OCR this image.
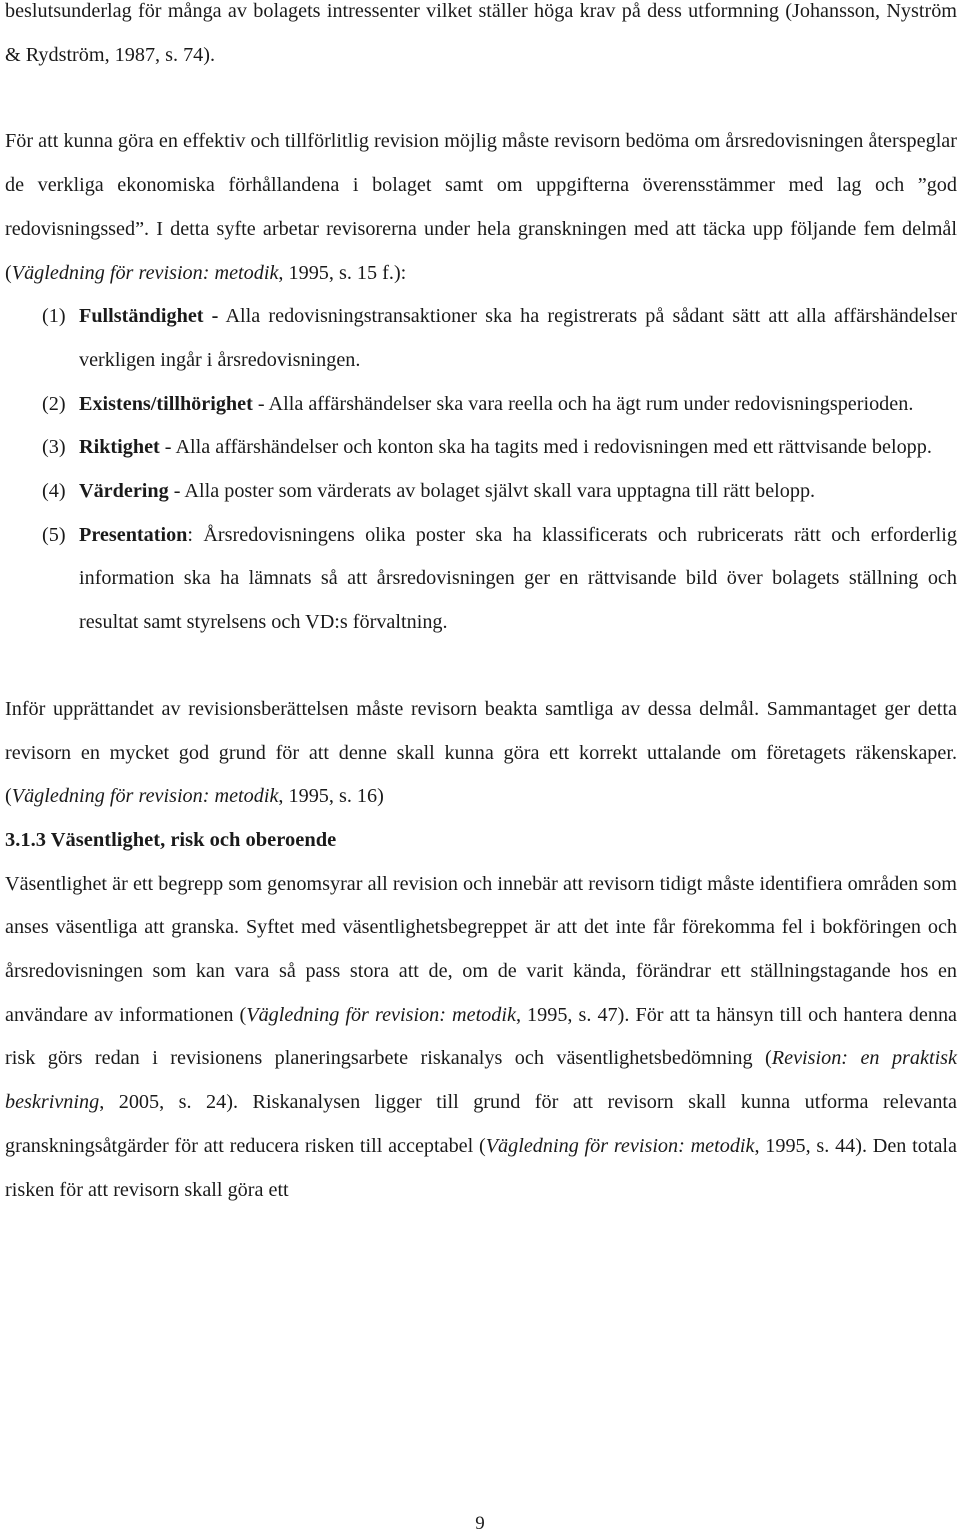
beslutsunderlag för många av bolagets intressenter vilket ställer höga krav på dess utformning (Johansson, Nyström & Rydström, 1987, s. 74).

För att kunna göra en effektiv och tillförlitlig revision möjlig måste revisorn bedöma om årsredovisningen återspeglar de verkliga ekonomiska förhållandena i bolaget samt om uppgifterna överensstämmer med lag och ”god redovisningssed”. I detta syfte arbetar revisorerna under hela granskningen med att täcka upp följande fem delmål (Vägledning för revision: metodik, 1995, s. 15 f.):

(1) Fullständighet - Alla redovisningstransaktioner ska ha registrerats på sådant sätt att alla affärshändelser verkligen ingår i årsredovisningen.
(2) Existens/tillhörighet - Alla affärshändelser ska vara reella och ha ägt rum under redovisningsperioden.
(3) Riktighet - Alla affärshändelser och konton ska ha tagits med i redovisningen med ett rättvisande belopp.
(4) Värdering - Alla poster som värderats av bolaget självt skall vara upptagna till rätt belopp.
(5) Presentation: Årsredovisningens olika poster ska ha klassificerats och rubricerats rätt och erforderlig information ska ha lämnats så att årsredovisningen ger en rättvisande bild över bolagets ställning och resultat samt styrelsens och VD:s förvaltning.

Inför upprättandet av revisionsberättelsen måste revisorn beakta samtliga av dessa delmål. Sammantaget ger detta revisorn en mycket god grund för att denne skall kunna göra ett korrekt uttalande om företagets räkenskaper. (Vägledning för revision: metodik, 1995, s. 16)

3.1.3 Väsentlighet, risk och oberoende

Väsentlighet är ett begrepp som genomsyrar all revision och innebär att revisorn tidigt måste identifiera områden som anses väsentliga att granska. Syftet med väsentlighetsbegreppet är att det inte får förekomma fel i bokföringen och årsredovisningen som kan vara så pass stora att de, om de varit kända, förändrar ett ställningstagande hos en användare av informationen (Vägledning för revision: metodik, 1995, s. 47). För att ta hänsyn till och hantera denna risk görs redan i revisionens planeringsarbete riskanalys och väsentlighetsbedömning (Revision: en praktisk beskrivning, 2005, s. 24). Riskanalysen ligger till grund för att revisorn skall kunna utforma relevanta granskningsåtgärder för att reducera risken till acceptabel (Vägledning för revision: metodik, 1995, s. 44). Den totala risken för att revisorn skall göra ett

9
